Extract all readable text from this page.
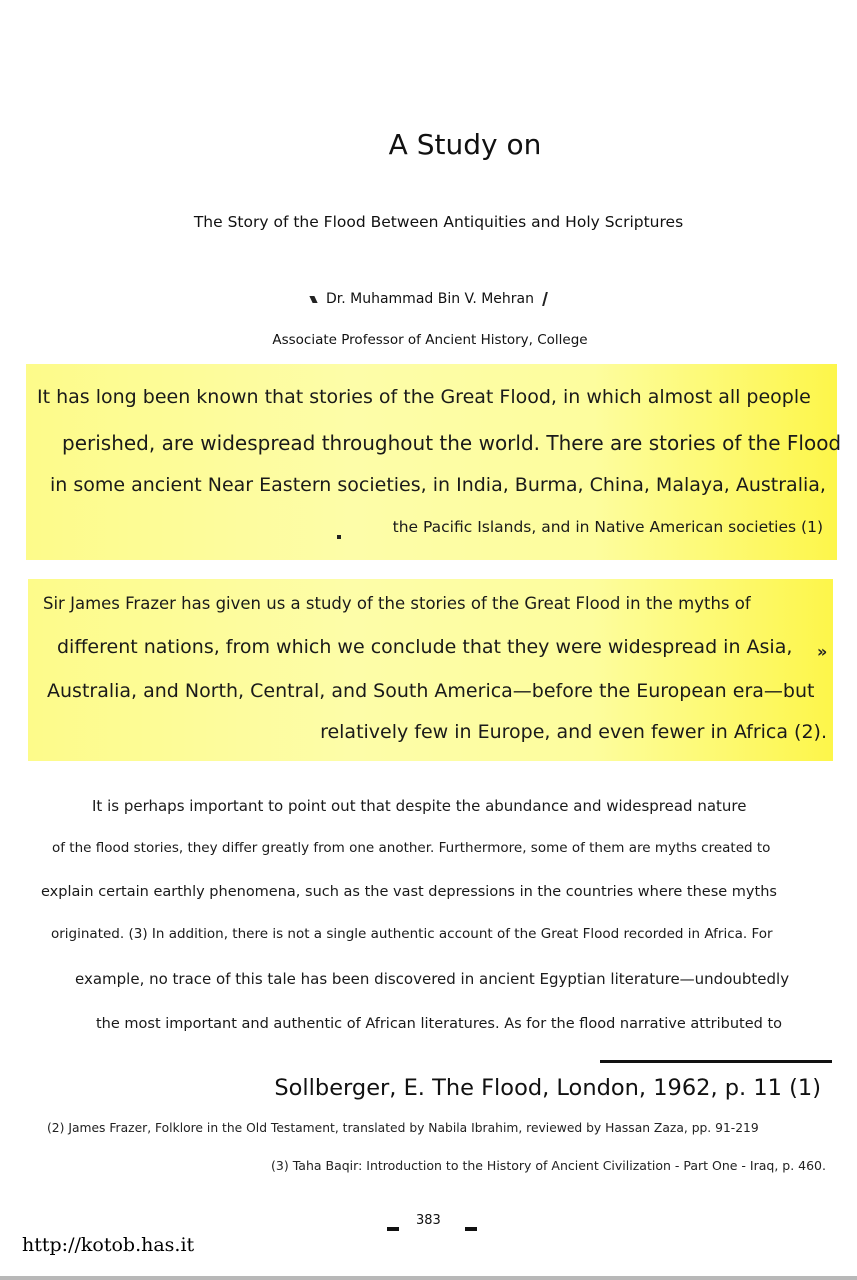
A Study on
The Story of the Flood Between Antiquities and Holy Scriptures
Dr. Muhammad Bin V. Mehran
Associate Professor of Ancient History, College
It has long been known that stories of the Great Flood, in which almost all people
perished, are widespread throughout the world. There are stories of the Flood
in some ancient Near Eastern societies, in India, Burma, China, Malaya, Australia,
the Pacific Islands, and in Native American societies (1)
Sir James Frazer has given us a study of the stories of the Great Flood in the myths of
different nations, from which we conclude that they were widespread in Asia, »
Australia, and North, Central, and South America—before the European era—but
relatively few in Europe, and even fewer in Africa (2).
It is perhaps important to point out that despite the abundance and widespread nature
of the flood stories, they differ greatly from one another. Furthermore, some of them are myths created to
explain certain earthly phenomena, such as the vast depressions in the countries where these myths
originated. (3) In addition, there is not a single authentic account of the Great Flood recorded in Africa. For
example, no trace of this tale has been discovered in ancient Egyptian literature—undoubtedly
the most important and authentic of African literatures. As for the flood narrative attributed to
Sollberger, E. The Flood, London, 1962, p. 11 (1)
(2) James Frazer, Folklore in the Old Testament, translated by Nabila Ibrahim, reviewed by Hassan Zaza, pp. 91-219
(3) Taha Baqir: Introduction to the History of Ancient Civilization - Part One - Iraq, p. 460.
383
http://kotob.has.it
